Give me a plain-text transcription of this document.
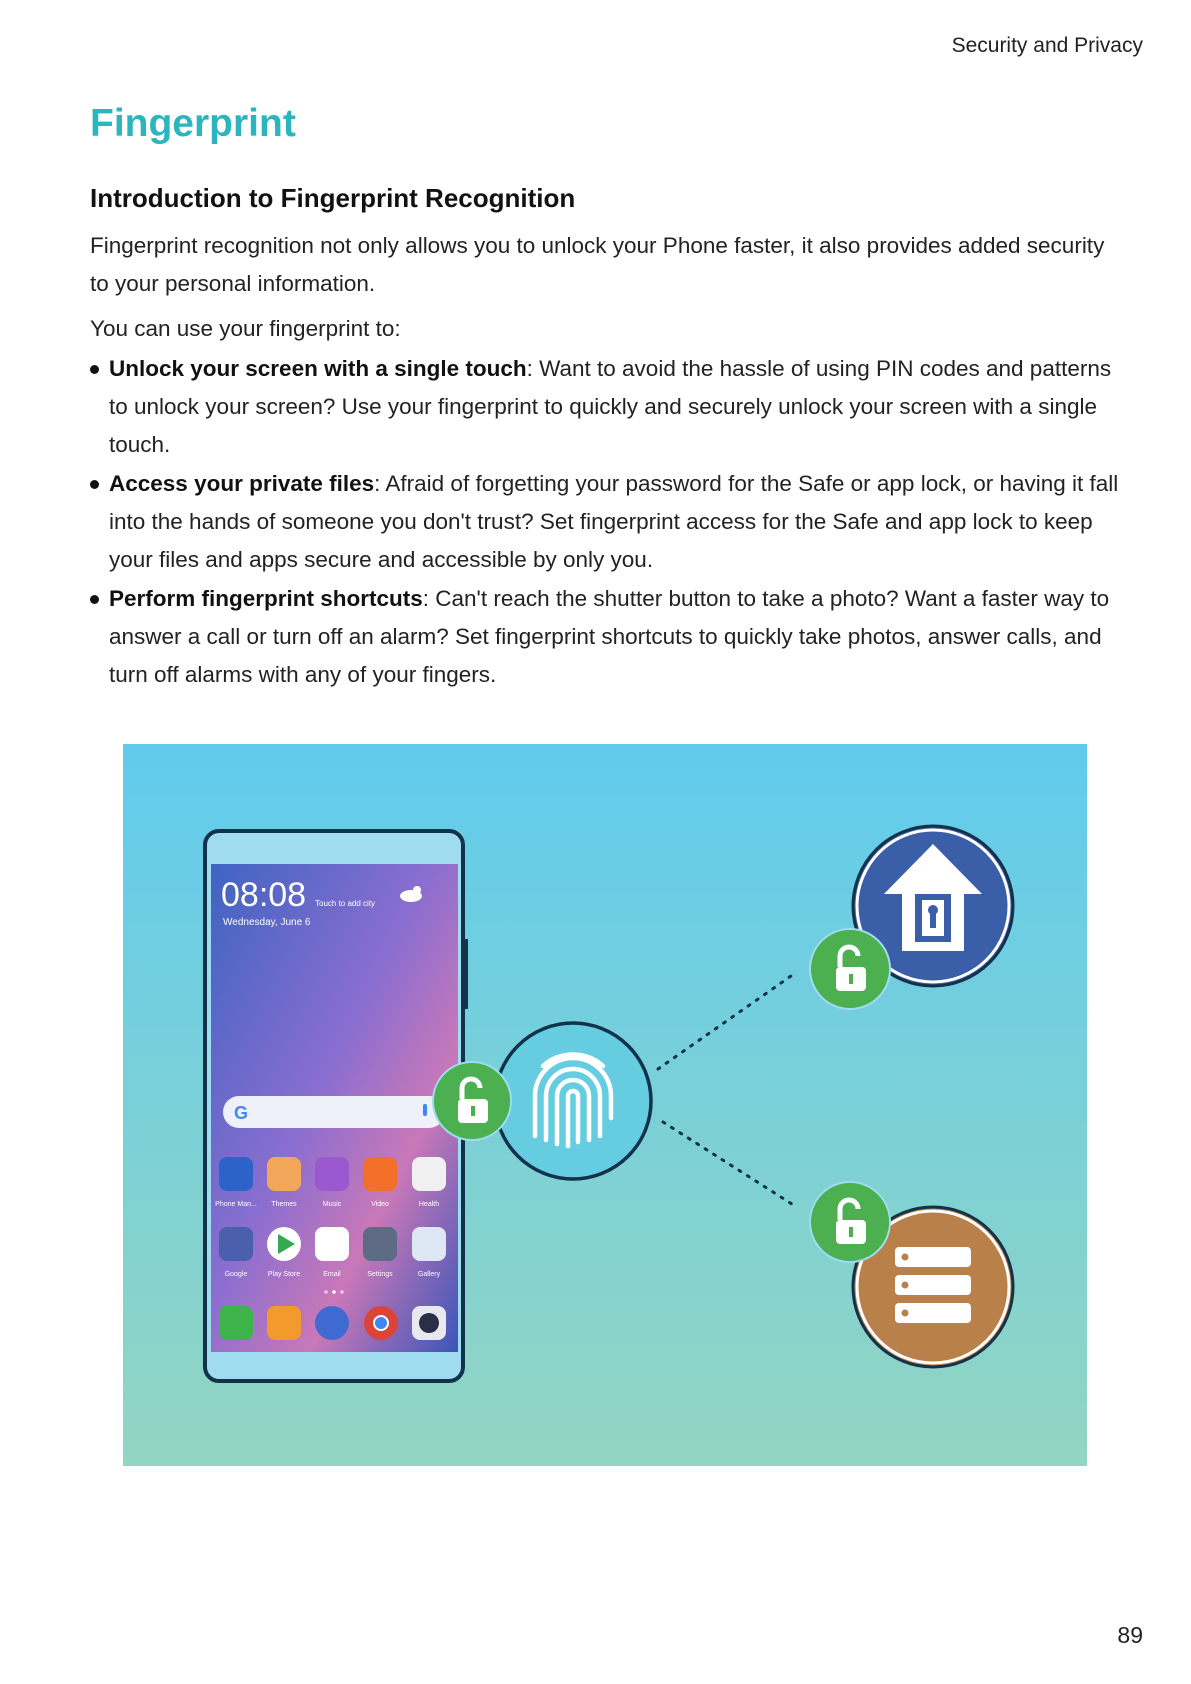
Security and Privacy
Fingerprint
Introduction to Fingerprint Recognition
Fingerprint recognition not only allows you to unlock your Phone faster, it also provides added security to your personal information.
You can use your fingerprint to:
Unlock your screen with a single touch: Want to avoid the hassle of using PIN codes and patterns to unlock your screen? Use your fingerprint to quickly and securely unlock your screen with a single touch.
Access your private files: Afraid of forgetting your password for the Safe or app lock, or having it fall into the hands of someone you don't trust? Set fingerprint access for the Safe and app lock to keep your files and apps secure and accessible by only you.
Perform fingerprint shortcuts: Can't reach the shutter button to take a photo? Want a faster way to answer a call or turn off an alarm? Set fingerprint shortcuts to quickly take photos, answer calls, and turn off alarms with any of your fingers.
08:08 Touch to add city
Wednesday, June 6
G
Phone Man... Themes	Music	Video	Health
Google	Play Store	Email	Settings	Gallery
89
